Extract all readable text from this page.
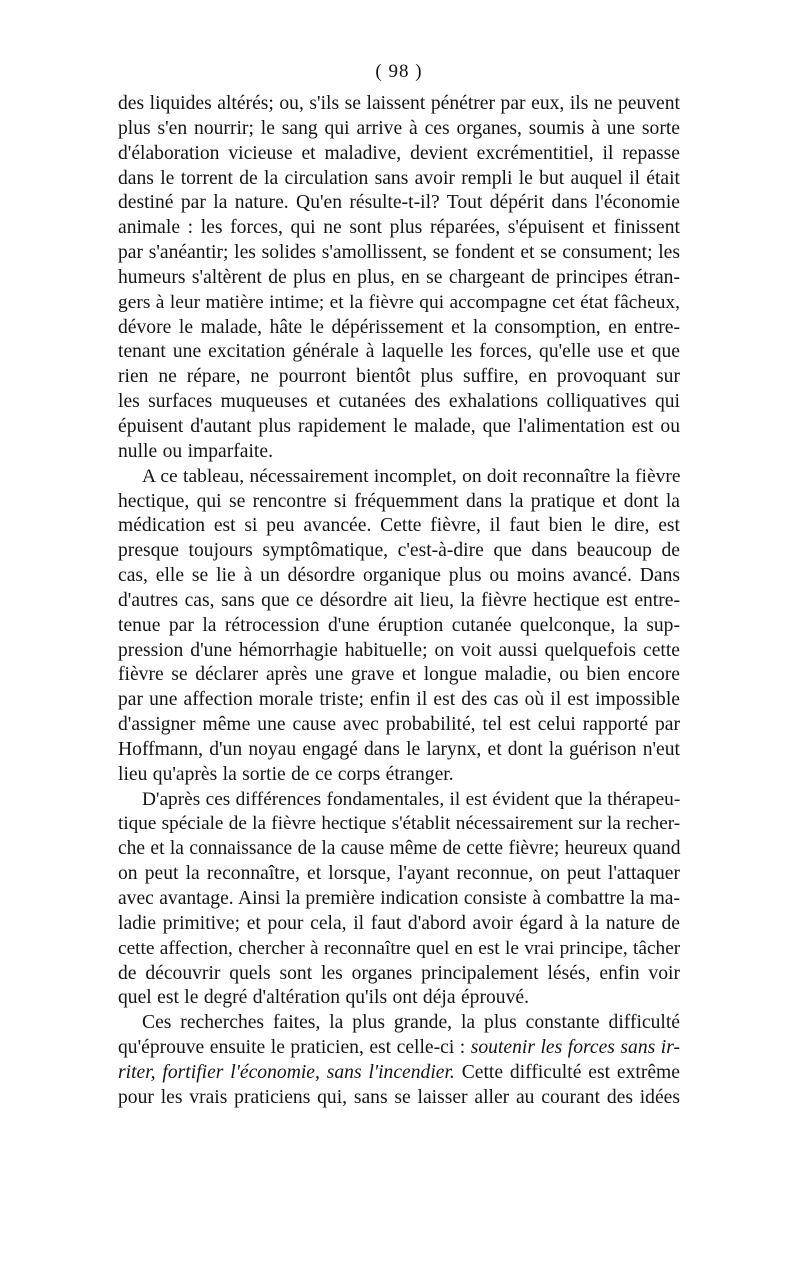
( 98 )
des liquides altérés; ou, s'ils se laissent pénétrer par eux, ils ne peuvent
plus s'en nourrir; le sang qui arrive à ces organes, soumis à une sorte
d'élaboration vicieuse et maladive, devient excrémentitiel, il repasse
dans le torrent de la circulation sans avoir rempli le but auquel il était
destiné par la nature. Qu'en résulte-t-il? Tout dépérit dans l'économie
animale : les forces, qui ne sont plus réparées, s'épuisent et finissent
par s'anéantir; les solides s'amollissent, se fondent et se consument; les
humeurs s'altèrent de plus en plus, en se chargeant de principes étran-
gers à leur matière intime; et la fièvre qui accompagne cet état fâcheux,
dévore le malade, hâte le dépérissement et la consomption, en entre-
tenant une excitation générale à laquelle les forces, qu'elle use et que
rien ne répare, ne pourront bientôt plus suffire, en provoquant sur
les surfaces muqueuses et cutanées des exhalations colliquatives qui
épuisent d'autant plus rapidement le malade, que l'alimentation est ou
nulle ou imparfaite.
A ce tableau, nécessairement incomplet, on doit reconnaître la fièvre
hectique, qui se rencontre si fréquemment dans la pratique et dont la
médication est si peu avancée. Cette fièvre, il faut bien le dire, est
presque toujours symptômatique, c'est-à-dire que dans beaucoup de
cas, elle se lie à un désordre organique plus ou moins avancé. Dans
d'autres cas, sans que ce désordre ait lieu, la fièvre hectique est entre-
tenue par la rétrocession d'une éruption cutanée quelconque, la sup-
pression d'une hémorrhagie habituelle; on voit aussi quelquefois cette
fièvre se déclarer après une grave et longue maladie, ou bien encore
par une affection morale triste; enfin il est des cas où il est impossible
d'assigner même une cause avec probabilité, tel est celui rapporté par
Hoffmann, d'un noyau engagé dans le larynx, et dont la guérison n'eut
lieu qu'après la sortie de ce corps étranger.
D'après ces différences fondamentales, il est évident que la thérapeu-
tique spéciale de la fièvre hectique s'établit nécessairement sur la recher-
che et la connaissance de la cause même de cette fièvre; heureux quand
on peut la reconnaître, et lorsque, l'ayant reconnue, on peut l'attaquer
avec avantage. Ainsi la première indication consiste à combattre la ma-
ladie primitive; et pour cela, il faut d'abord avoir égard à la nature de
cette affection, chercher à reconnaître quel en est le vrai principe, tâcher
de découvrir quels sont les organes principalement lésés, enfin voir
quel est le degré d'altération qu'ils ont déja éprouvé.
Ces recherches faites, la plus grande, la plus constante difficulté
qu'éprouve ensuite le praticien, est celle-ci : soutenir les forces sans ir-
riter, fortifier l'économie, sans l'incendier. Cette difficulté est extrême
pour les vrais praticiens qui, sans se laisser aller au courant des idées
